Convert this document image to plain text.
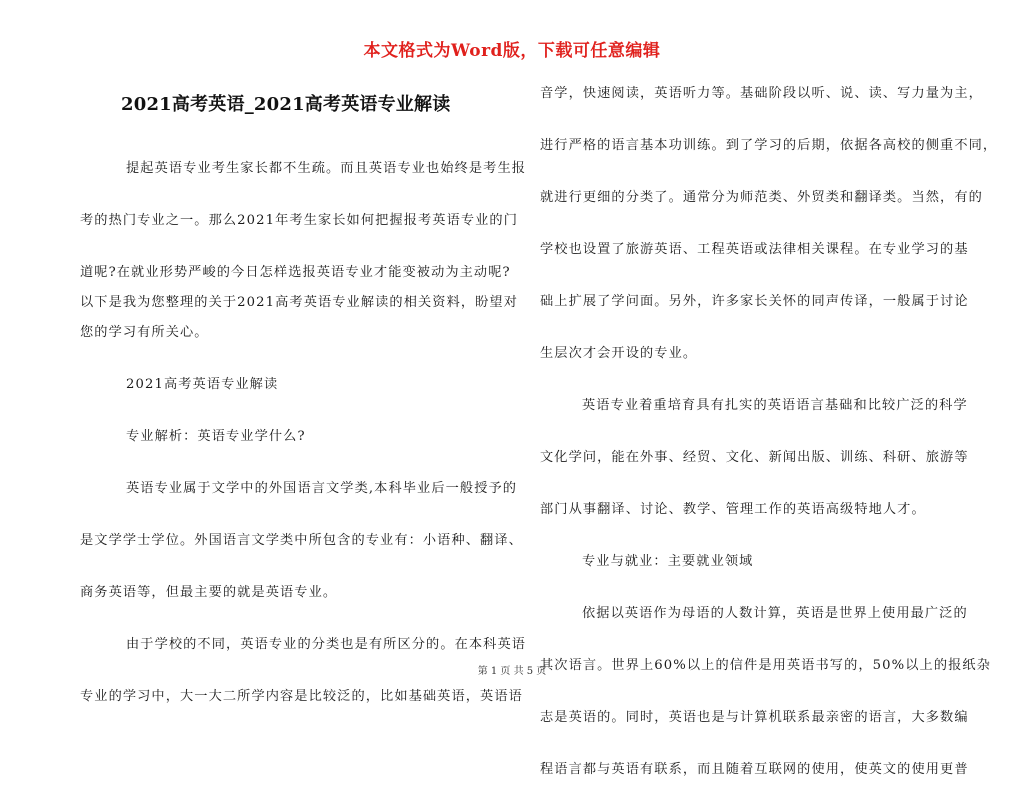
本文格式为Word版，下载可任意编辑
2021高考英语_2021高考英语专业解读
提起英语专业考生家长都不生疏。而且英语专业也始终是考生报
考的热门专业之一。那么2021年考生家长如何把握报考英语专业的门
道呢?在就业形势严峻的今日怎样选报英语专业才能变被动为主动呢?
以下是我为您整理的关于2021高考英语专业解读的相关资料，盼望对
您的学习有所关心。
2021高考英语专业解读
专业解析：英语专业学什么?
英语专业属于文学中的外国语言文学类,本科毕业后一般授予的
是文学学士学位。外国语言文学类中所包含的专业有：小语种、翻译、
商务英语等，但最主要的就是英语专业。
由于学校的不同，英语专业的分类也是有所区分的。在本科英语
专业的学习中，大一大二所学内容是比较泛的，比如基础英语，英语语
音学，快速阅读，英语听力等。基础阶段以听、说、读、写力量为主，
进行严格的语言基本功训练。到了学习的后期，依据各高校的侧重不同，
就进行更细的分类了。通常分为师范类、外贸类和翻译类。当然，有的
学校也设置了旅游英语、工程英语或法律相关课程。在专业学习的基
础上扩展了学问面。另外，许多家长关怀的同声传译，一般属于讨论
生层次才会开设的专业。
英语专业着重培育具有扎实的英语语言基础和比较广泛的科学
文化学问，能在外事、经贸、文化、新闻出版、训练、科研、旅游等
部门从事翻译、讨论、教学、管理工作的英语高级特地人才。
专业与就业：主要就业领域
依据以英语作为母语的人数计算，英语是世界上使用最广泛的
其次语言。世界上60%以上的信件是用英语书写的，50%以上的报纸杂
志是英语的。同时，英语也是与计算机联系最亲密的语言，大多数编
程语言都与英语有联系，而且随着互联网的使用，使英文的使用更普
第 1 页 共 5 页
